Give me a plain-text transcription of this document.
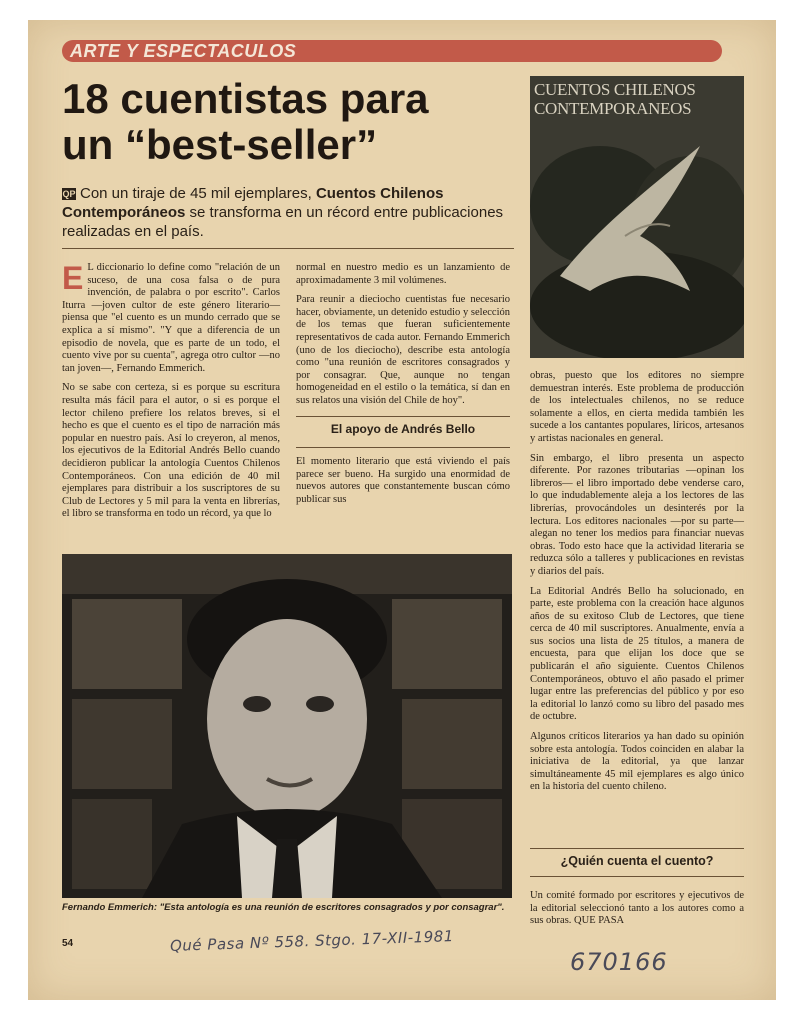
ARTE Y ESPECTACULOS
18 cuentistas para
un “best-seller”

QP Con un tiraje de 45 mil ejemplares, Cuentos Chilenos Contemporáneos se transforma en un récord entre publicaciones realizadas en el país.

E L diccionario lo define como "relación de un suceso, de una cosa falsa o de pura invención, de palabra o por escrito". Carlos Iturra —joven cultor de este género literario— piensa que "el cuento es un mundo cerrado que se explica a sí mismo". "Y que a diferencia de un episodio de novela, que es parte de un todo, el cuento vive por su cuenta", agrega otro cultor —no tan joven—, Fernando Emmerich.

No se sabe con certeza, si es porque su escritura resulta más fácil para el autor, o si es porque el lector chileno prefiere los relatos breves, si el hecho es que el cuento es el tipo de narración más popular en nuestro país. Así lo creyeron, al menos, los ejecutivos de la Editorial Andrés Bello cuando decidieron publicar la antología Cuentos Chilenos Contemporáneos. Con una edición de 40 mil ejemplares para distribuir a los suscriptores de su Club de Lectores y 5 mil para la venta en librerías, el libro se transforma en todo un récord, ya que lo

normal en nuestro medio es un lanzamiento de aproximadamente 3 mil volúmenes.

Para reunir a dieciocho cuentistas fue necesario hacer, obviamente, un detenido estudio y selección de los temas que fueran suficientemente representativos de cada autor. Fernando Emmerich (uno de los dieciocho), describe esta antología como "una reunión de escritores consagrados y por consagrar. Que, aunque no tengan homogeneidad en el estilo o la temática, sí dan en sus relatos una visión del Chile de hoy".

El apoyo de Andrés Bello

El momento literario que está viviendo el país parece ser bueno. Ha surgido una enormidad de nuevos autores que constantemente buscan cómo publicar sus

CUENTOS CHILENOS CONTEMPORANEOS

obras, puesto que los editores no siempre demuestran interés. Este problema de producción de los intelectuales chilenos, no se reduce solamente a ellos, en cierta medida también les sucede a los cantantes populares, líricos, artesanos y artistas nacionales en general.

Sin embargo, el libro presenta un aspecto diferente. Por razones tributarias —opinan los libreros— el libro importado debe venderse caro, lo que indudablemente aleja a los lectores de las librerías, provocándoles un desinterés por la lectura. Los editores nacionales —por su parte— alegan no tener los medios para financiar nuevas obras. Todo esto hace que la actividad literaria se reduzca sólo a talleres y publicaciones en revistas y diarios del país.

La Editorial Andrés Bello ha solucionado, en parte, este problema con la creación hace algunos años de su exitoso Club de Lectores, que tiene cerca de 40 mil suscriptores. Anualmente, envía a sus socios una lista de 25 títulos, a manera de encuesta, para que elijan los doce que se publicarán el año siguiente. Cuentos Chilenos Contemporáneos, obtuvo el año pasado el primer lugar entre las preferencias del público y por eso la editorial lo lanzó como su libro del pasado mes de octubre.

Algunos críticos literarios ya han dado su opinión sobre esta antología. Todos coinciden en alabar la iniciativa de la editorial, ya que lanzar simultáneamente 45 mil ejemplares es algo único en la historia del cuento chileno.

¿Quién cuenta el cuento?
Un comité formado por escritores y ejecutivos de la editorial seleccionó tanto a los autores como a sus obras. QUE PASA

Fernando Emmerich: "Esta antología es una reunión de escritores consagrados y por consagrar".

54	Qué Pasa Nº 558. Stgo. 17-XII-1981
670166
